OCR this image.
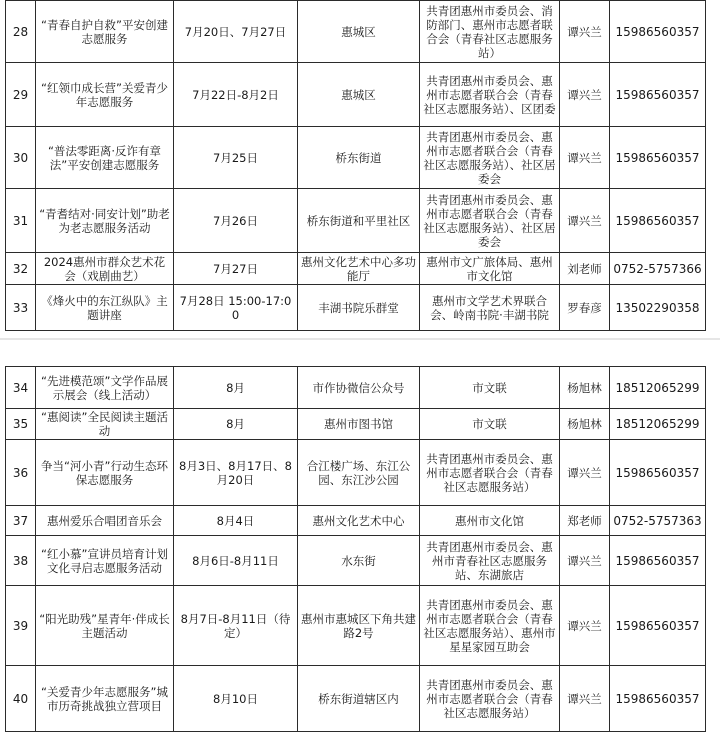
28	“青春自护自救”平安创建志愿服务	7月20日、7月27日	惠城区	共青团惠州市委员会、消防部门、惠州市志愿者联合会（青春社区志愿服务站）	谭兴兰	15986560357
29	“红领巾成长营”关爱青少年志愿服务	7月22日-8月2日	惠城区	共青团惠州市委员会、惠州市志愿者联合会（青春社区志愿服务站）、区团委	谭兴兰	15986560357
30	“普法零距离·反诈有章法”平安创建志愿服务	7月25日	桥东街道	共青团惠州市委员会、惠州市志愿者联合会（青春社区志愿服务站）、社区居委会	谭兴兰	15986560357
31	“青耆结对·同安计划”助老为老志愿服务活动	7月26日	桥东街道和平里社区	共青团惠州市委员会、惠州市志愿者联合会（青春社区志愿服务站）、社区居委会	谭兴兰	15986560357
32	2024惠州市群众艺术花会（戏剧曲艺）	7月27日	惠州文化艺术中心多功能厅	惠州市文广旅体局、惠州市文化馆	刘老师	0752-5757366
33	《烽火中的东江纵队》主题讲座	7月28日 15:00-17:00	丰湖书院乐群堂	惠州市文学艺术界联合会、岭南书院·丰湖书院	罗春彦	13502290358
34	“先进模范颂”文学作品展示展会（线上活动）	8月	市作协微信公众号	市文联	杨旭林	18512065299
35	“惠阅读”全民阅读主题活动	8月	惠州市图书馆	市文联	杨旭林	18512065299
36	争当“河小青”行动生态环保志愿服务	8月3日、8月17日、8月20日	合江楼广场、东江公园、东江沙公园	共青团惠州市委员会、惠州市志愿者联合会（青春社区志愿服务站）	谭兴兰	15986560357
37	惠州爱乐合唱团音乐会	8月4日	惠州文化艺术中心	惠州市文化馆	郑老师	0752-5757363
38	“红小慕”宣讲员培育计划文化寻启志愿服务活动	8月6日-8月11日	水东街	共青团惠州市委员会、惠州市青春社区志愿服务站、东湖旅店	谭兴兰	15986560357
39	“阳光助残”星青年·伴成长主题活动	8月7日-8月11日（待定）	惠州市惠城区下角共建路2号	共青团惠州市委员会、惠州市志愿者联合会（青春社区志愿服务站）、惠州市星星家园互助会	谭兴兰	15986560357
40	“关爱青少年志愿服务”城市历奇挑战独立营项目	8月10日	桥东街道辖区内	共青团惠州市委员会、惠州市志愿者联合会（青春社区志愿服务站）	谭兴兰	15986560357
